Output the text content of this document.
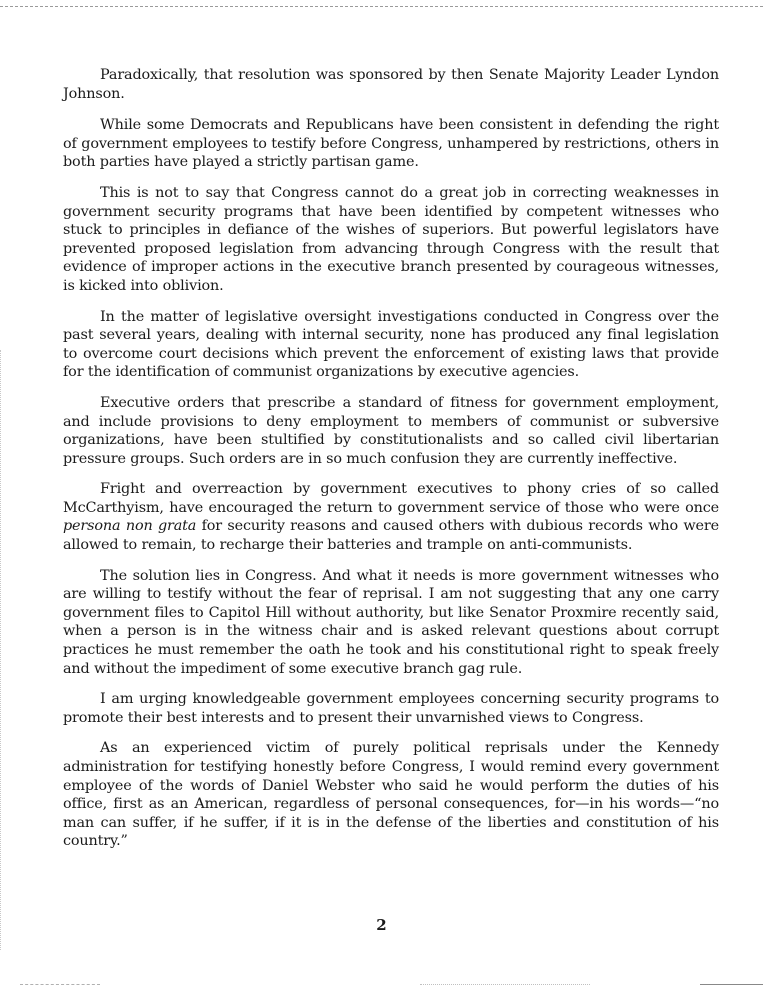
Paradoxically, that resolution was sponsored by then Senate Majority Leader Lyndon Johnson.

While some Democrats and Republicans have been consistent in defending the right of government employees to testify before Congress, unhampered by restrictions, others in both parties have played a strictly partisan game.

This is not to say that Congress cannot do a great job in correcting weaknesses in government security programs that have been identified by competent witnesses who stuck to principles in defiance of the wishes of superiors. But powerful legislators have prevented proposed legislation from advancing through Congress with the result that evidence of improper actions in the executive branch presented by courageous witnesses, is kicked into oblivion.

In the matter of legislative oversight investigations conducted in Congress over the past several years, dealing with internal security, none has produced any final legislation to overcome court decisions which prevent the enforcement of existing laws that provide for the identification of communist organizations by executive agencies.

Executive orders that prescribe a standard of fitness for government employment, and include provisions to deny employment to members of communist or subversive organizations, have been stultified by constitutionalists and so called civil libertarian pressure groups. Such orders are in so much confusion they are currently ineffective.

Fright and overreaction by government executives to phony cries of so called McCarthyism, have encouraged the return to government service of those who were once persona non grata for security reasons and caused others with dubious records who were allowed to remain, to recharge their batteries and trample on anti-communists.

The solution lies in Congress. And what it needs is more government witnesses who are willing to testify without the fear of reprisal. I am not suggesting that any one carry government files to Capitol Hill without authority, but like Senator Proxmire recently said, when a person is in the witness chair and is asked relevant questions about corrupt practices he must remember the oath he took and his constitutional right to speak freely and without the impediment of some executive branch gag rule.

I am urging knowledgeable government employees concerning security programs to promote their best interests and to present their unvarnished views to Congress.

As an experienced victim of purely political reprisals under the Kennedy administration for testifying honestly before Congress, I would remind every government employee of the words of Daniel Webster who said he would perform the duties of his office, first as an American, regardless of personal consequences, for—in his words—“no man can suffer, if he suffer, if it is in the defense of the liberties and constitution of his country.”

2
